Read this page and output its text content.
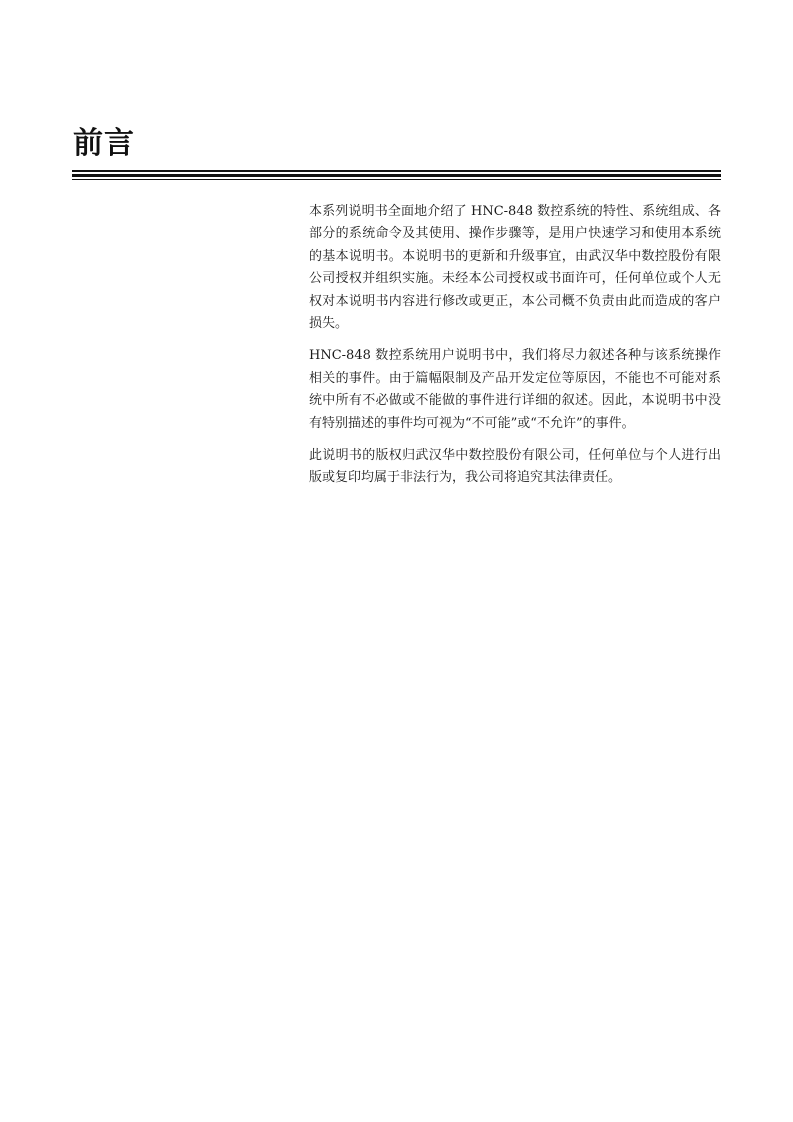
前言

本系列说明书全面地介绍了 HNC-848 数控系统的特性、系统组成、各部分的系统命令及其使用、操作步骤等，是用户快速学习和使用本系统的基本说明书。本说明书的更新和升级事宜，由武汉华中数控股份有限公司授权并组织实施。未经本公司授权或书面许可，任何单位或个人无权对本说明书内容进行修改或更正，本公司概不负责由此而造成的客户损失。

HNC-848 数控系统用户说明书中，我们将尽力叙述各种与该系统操作相关的事件。由于篇幅限制及产品开发定位等原因，不能也不可能对系统中所有不必做或不能做的事件进行详细的叙述。因此，本说明书中没有特别描述的事件均可视为“不可能”或“不允许”的事件。

此说明书的版权归武汉华中数控股份有限公司，任何单位与个人进行出版或复印均属于非法行为，我公司将追究其法律责任。
